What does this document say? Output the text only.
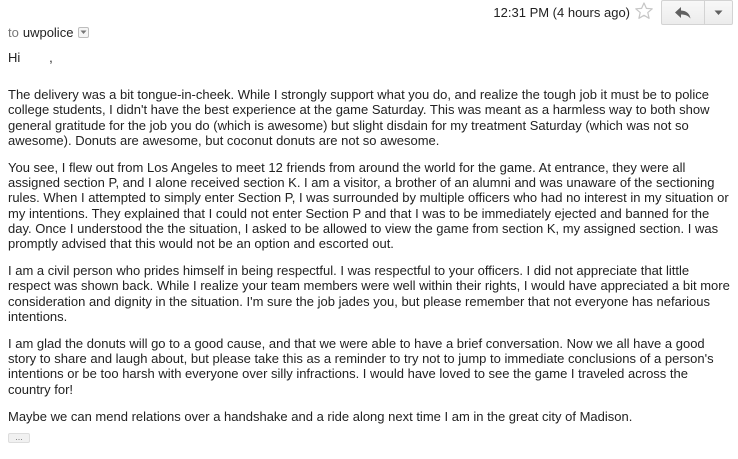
12:31 PM (4 hours ago)
to uwpolice

Hi        ,

The delivery was a bit tongue-in-cheek. While I strongly support what you do, and realize the tough job it must be to police college students, I didn't have the best experience at the game Saturday. This was meant as a harmless way to both show general gratitude for the job you do (which is awesome) but slight disdain for my treatment Saturday (which was not so awesome). Donuts are awesome, but coconut donuts are not so awesome.

You see, I flew out from Los Angeles to meet 12 friends from around the world for the game. At entrance, they were all assigned section P, and I alone received section K. I am a visitor, a brother of an alumni and was unaware of the sectioning rules. When I attempted to simply enter Section P, I was surrounded by multiple officers who had no interest in my situation or my intentions. They explained that I could not enter Section P and that I was to be immediately ejected and banned for the day. Once I understood the the situation, I asked to be allowed to view the game from section K, my assigned section. I was promptly advised that this would not be an option and escorted out.

I am a civil person who prides himself in being respectful. I was respectful to your officers. I did not appreciate that little respect was shown back. While I realize your team members were well within their rights, I would have appreciated a bit more consideration and dignity in the situation. I'm sure the job jades you, but please remember that not everyone has nefarious intentions.

I am glad the donuts will go to a good cause, and that we were able to have a brief conversation. Now we all have a good story to share and laugh about, but please take this as a reminder to try not to jump to immediate conclusions of a person's intentions or be too harsh with everyone over silly infractions. I would have loved to see the game I traveled across the country for!

Maybe we can mend relations over a handshake and a ride along next time I am in the great city of Madison.

...
